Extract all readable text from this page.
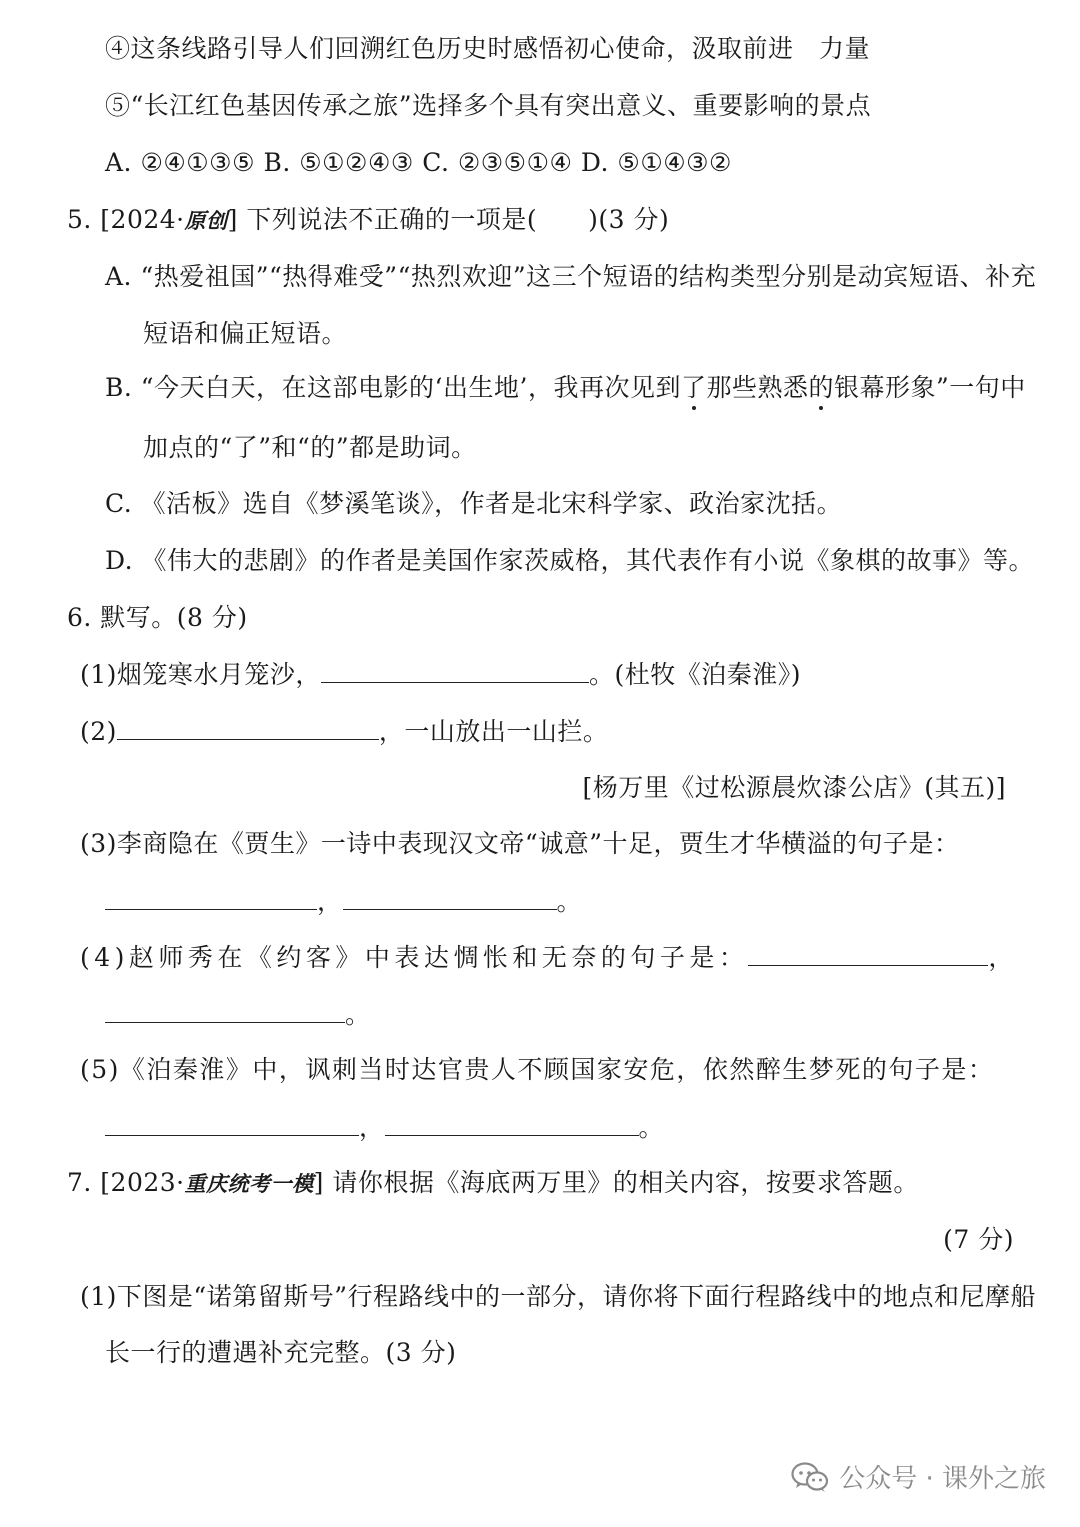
④这条线路引导人们回溯红色历史时感悟初心使命，汲取前进　力量
⑤“长江红色基因传承之旅”选择多个具有突出意义、重要影响的景点
A. ②④①③⑤ B. ⑤①②④③ C. ②③⑤①④ D. ⑤①④③②
5. [2024·原创] 下列说法不正确的一项是(　　)(3 分)
A. “热爱祖国”“热得难受”“热烈欢迎”这三个短语的结构类型分别是动宾短语、补充
短语和偏正短语。
B. “今天白天，在这部电影的‘出生地’，我再次见到了那些熟悉的银幕形象”一句中
加点的“了”和“的”都是助词。
C. 《活板》选自《梦溪笔谈》，作者是北宋科学家、政治家沈括。
D. 《伟大的悲剧》的作者是美国作家茨威格，其代表作有小说《象棋的故事》等。
6. 默写。(8 分)
(1)烟笼寒水月笼沙，	。(杜牧《泊秦淮》)
(2)	，一山放出一山拦。
[杨万里《过松源晨炊漆公店》(其五)]
(3)李商隐在《贾生》一诗中表现汉文帝“诚意”十足，贾生才华横溢的句子是：
，	。
(4)赵师秀在《约客》中表达惆怅和无奈的句子是：	，
。
(5)《泊秦淮》中，讽刺当时达官贵人不顾国家安危，依然醉生梦死的句子是：
，	。
7. [2023·重庆统考一模] 请你根据《海底两万里》的相关内容，按要求答题。
(7 分)
(1)下图是“诺第留斯号”行程路线中的一部分，请你将下面行程路线中的地点和尼摩船
长一行的遭遇补充完整。(3 分)
公众号 · 课外之旅
